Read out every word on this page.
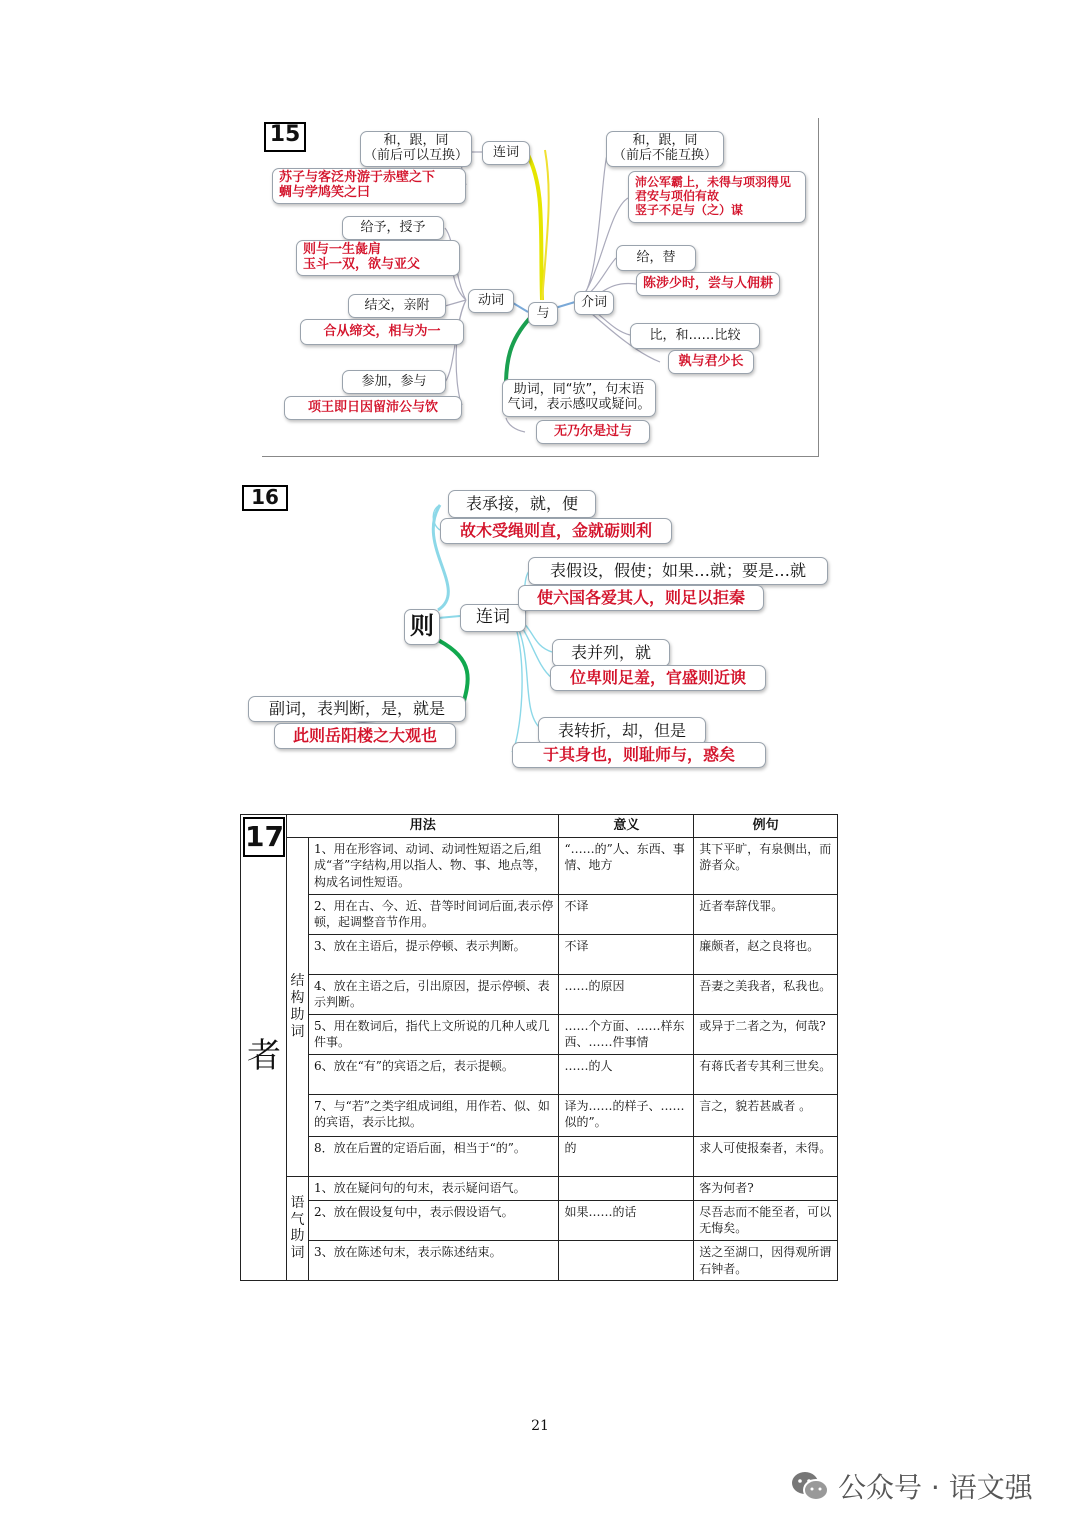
15
与
连词
和，跟，同
（前后可以互换）
苏子与客泛舟游于赤壁之下
蜩与学鸠笑之曰
动词
给予，授予
则与一生彘肩
玉斗一双，欲与亚父
结交，亲附
合从缔交，相与为一
参加，参与
项王即日因留沛公与饮
介词
和，跟，同
（前后不能互换）
沛公军霸上，未得与项羽得见
君安与项伯有故
竖子不足与（之）谋
给，替
陈涉少时，尝与人佣耕
比，和……比较
孰与君少长
助词，同“欤”，句末语
气词，表示感叹或疑问。
无乃尔是过与
16
则	连词
表承接，就，便
故木受绳则直，金就砺则利
表假设，假使；如果…就；要是…就
使六国各爱其人，则足以拒秦
表并列，就
位卑则足羞，官盛则近谀
表转折，却，但是
于其身也，则耻师与，惑矣
副词，表判断，是，就是
此则岳阳楼之大观也
17
者	用法		意义	例句
	结
构
助
词	1、用在形容词、动词、动词性短语之后,组成“者”字结构,用以指人、物、事、地点等，构成名词性短语。	“……的”人、东西、事情、地方	其下平旷，有泉侧出，而游者众。
		2、用在古、今、近、昔等时间词后面,表示停顿，起调整音节作用。	不译	近者奉辞伐罪。
		3、放在主语后，提示停顿、表示判断。	不译	廉颇者，赵之良将也。
		4、放在主语之后，引出原因，提示停顿、表示判断。	……的原因	吾妻之美我者，私我也。
		5、用在数词后，指代上文所说的几种人或几件事。	……个方面、……样东西、……件事情	或异于二者之为，何哉?
		6、放在“有”的宾语之后，表示提顿。	……的人	有蒋氏者专其利三世矣。
		7、与“若”之类字组成词组，用作若、似、如的宾语，表示比拟。	译为……的样子、……似的”。	言之，貌若甚戚者 。
		8．放在后置的定语后面，相当于“的”。	的	求人可使报秦者，未得。
	语
气
助
词	1、放在疑问句的句末，表示疑问语气。		客为何者?
		2、放在假设复句中，表示假设语气。	如果……的话	尽吾志而不能至者，可以无悔矣。
		3、放在陈述句末，表示陈述结束。		送之至湖口，因得观所谓石钟者。
21
公众号 · 语文强
